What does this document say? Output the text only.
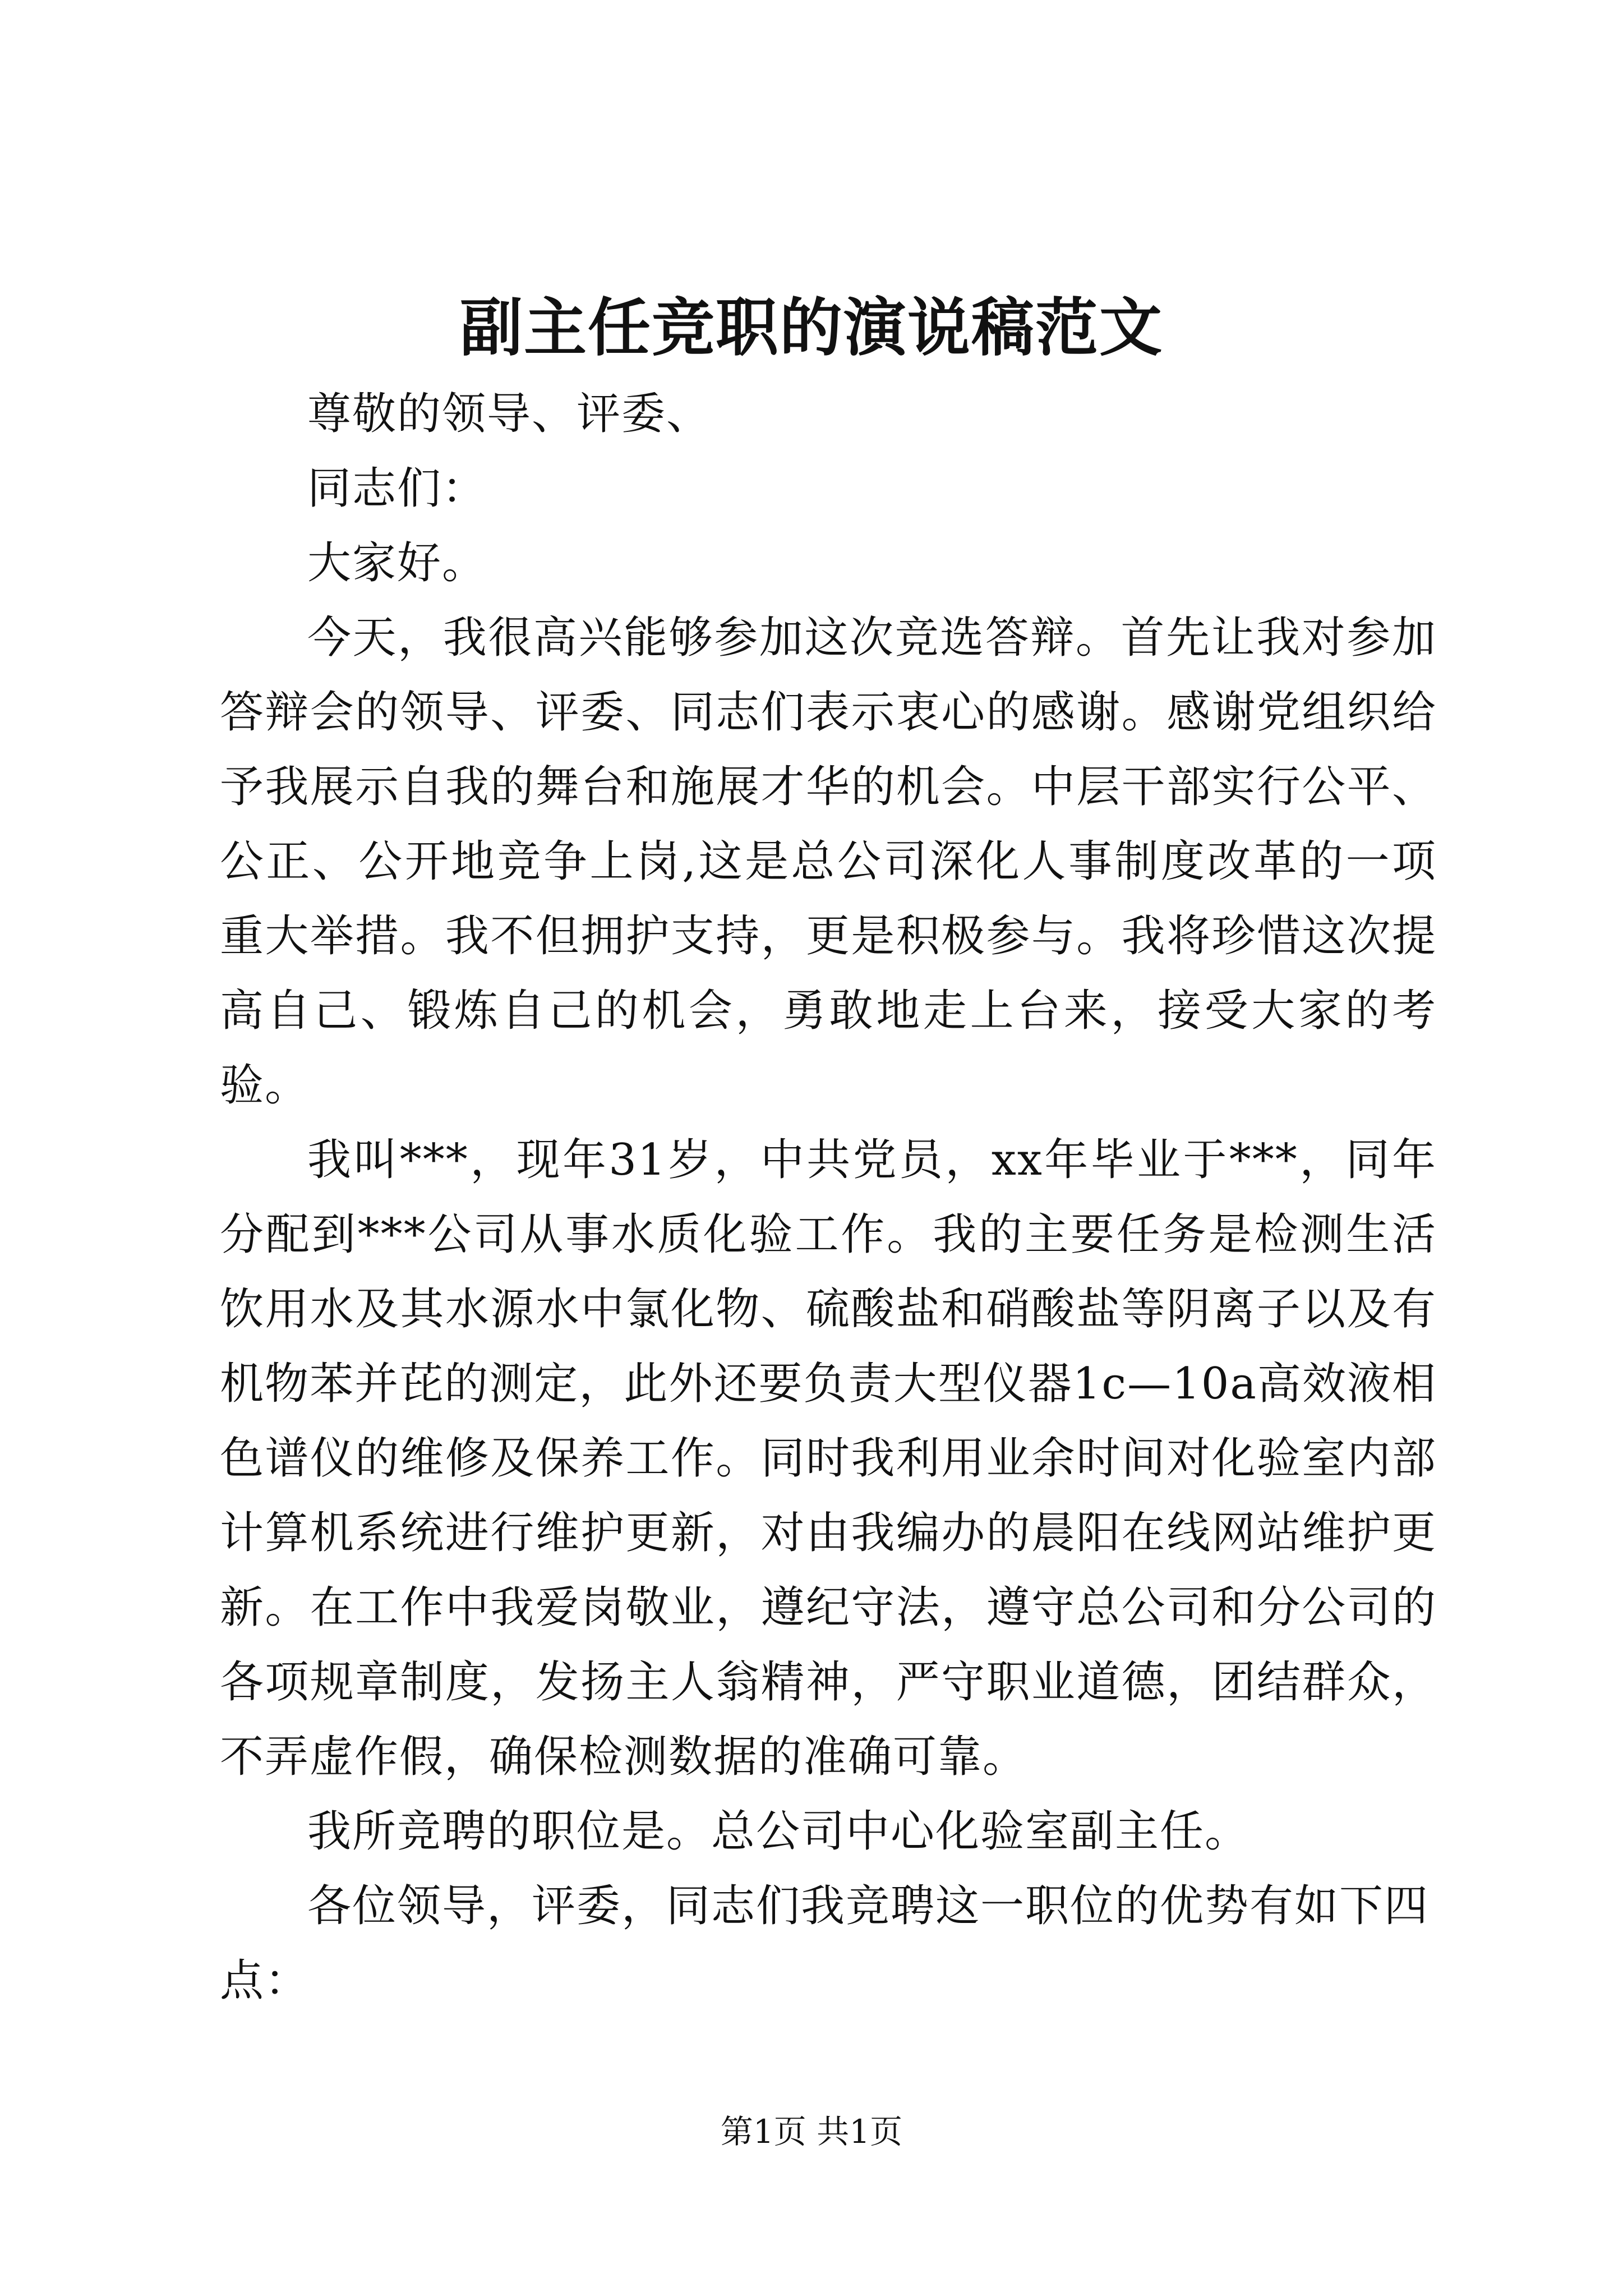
副主任竞职的演说稿范文

尊敬的领导、评委、

同志们：

大家好。

今天，我很高兴能够参加这次竞选答辩。首先让我对参加答辩会的领导、评委、同志们表示衷心的感谢。感谢党组织给予我展示自我的舞台和施展才华的机会。中层干部实行公平、公正、公开地竞争上岗,这是总公司深化人事制度改革的一项重大举措。我不但拥护支持，更是积极参与。我将珍惜这次提高自己、锻炼自己的机会，勇敢地走上台来，接受大家的考验。

我叫***，现年31岁，中共党员，xx年毕业于***，同年分配到***公司从事水质化验工作。我的主要任务是检测生活饮用水及其水源水中氯化物、硫酸盐和硝酸盐等阴离子以及有机物苯并芘的测定，此外还要负责大型仪器1c—10a高效液相色谱仪的维修及保养工作。同时我利用业余时间对化验室内部计算机系统进行维护更新，对由我编办的晨阳在线网站维护更新。在工作中我爱岗敬业，遵纪守法，遵守总公司和分公司的各项规章制度，发扬主人翁精神，严守职业道德，团结群众，不弄虚作假，确保检测数据的准确可靠。

我所竞聘的职位是。总公司中心化验室副主任。

各位领导，评委，同志们我竞聘这一职位的优势有如下四点：

第1页 共1页
